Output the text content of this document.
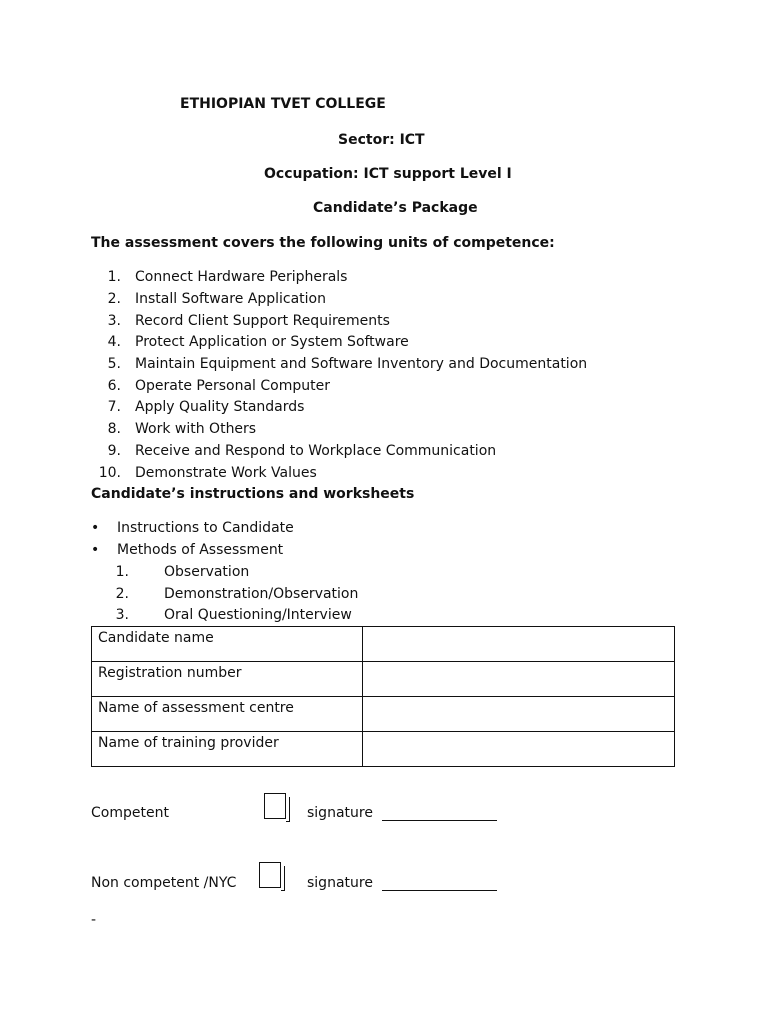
ETHIOPIAN TVET COLLEGE
Sector: ICT
Occupation: ICT support Level I
Candidate’s Package
The assessment covers the following units of competence:
1. Connect Hardware Peripherals
2. Install Software Application
3. Record Client Support Requirements
4. Protect Application or System Software
5. Maintain Equipment and Software Inventory and Documentation
6. Operate Personal Computer
7. Apply Quality Standards
8. Work with Others
9. Receive and Respond to Workplace Communication
10. Demonstrate Work Values
Candidate’s instructions and worksheets
• Instructions to Candidate
• Methods of Assessment
1.	Observation
2.	Demonstration/Observation
3.	Oral Questioning/Interview
Candidate name	
Registration number	
Name of assessment centre	
Name of training provider	
Competent	signature
Non competent /NYC	signature
-
